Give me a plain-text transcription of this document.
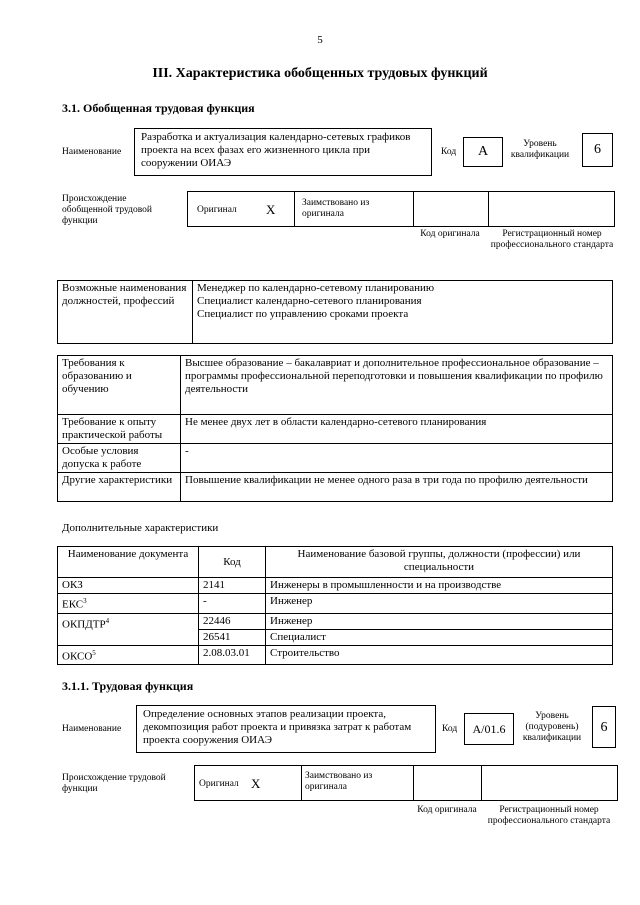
5
III. Характеристика обобщенных трудовых функций
3.1. Обобщенная трудовая функция
Наименование
Разработка и актуализация календарно-сетевых графиков проекта на всех фазах его жизненного цикла при сооружении ОИАЭ
Код	А	Уровень квалификации	6
Происхождение обобщенной трудовой функции
Оригинал X	Заимствовано из оригинала
Код оригинала	Регистрационный номер профессионального стандарта
Возможные наименования должностей, профессий	
Менеджер по календарно-сетевому планированию
Специалист календарно-сетевого планирования
Специалист по управлению сроками проекта
Требования к образованию и обучению	Высшее образование – бакалавриат и дополнительное профессиональное образование – программы профессиональной переподготовки и повышения квалификации по профилю деятельности
Требование к опыту практической работы	Не менее двух лет в области календарно-сетевого планирования
Особые условия допуска к работе	-
Другие характеристики	Повышение квалификации не менее одного раза в три года по профилю деятельности
Дополнительные характеристики
Наименование документа	Код	Наименование базовой группы, должности (профессии) или специальности
ОКЗ	2141	Инженеры в промышленности и на производстве
ЕКС$^3$	-	Инженер
ОКПДТР$^4$	22446	Инженер
	26541	Специалист
ОКСО$^5$	2.08.03.01	Строительство
3.1.1. Трудовая функция
Наименование
Определение основных этапов реализации проекта, декомпозиция работ проекта и привязка затрат к работам проекта сооружения ОИАЭ
Код	А/01.6
Уровень (подуровень) квалификации
6
Происхождение трудовой функции	Оригинал Х	Заимствовано из оригинала
Код оригинала	Регистрационный номер профессионального стандарта
